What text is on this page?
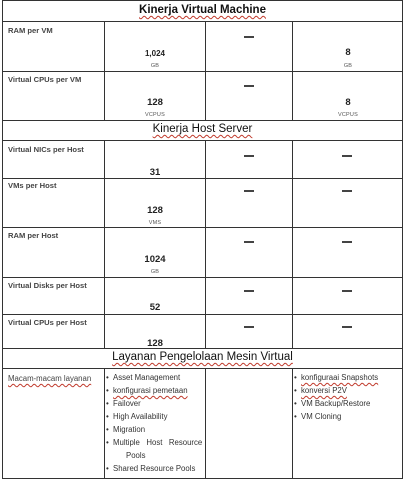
Kinerja Virtual Machine
Kinerja Host Server
Layanan Pengelolaan Mesin Virtual
RAM per VM
1,024
GB
8
GB
Virtual CPUs per VM
128
VCPUS
8
VCPUS
Virtual NICs per Host
31
VMs per Host
128
VMS
RAM per Host
1024
GB
Virtual Disks per Host
52
Virtual CPUs per Host
128
Macam-macam layanan
•	Asset Management
• konfigurasi pemetaan
• Failover
• High Availability
• Migration
• Multiple   Host   Resource
Pools
• Shared Resource Pools
• konfiguraai Snapshots
• konversi P2V
• VM Backup/Restore
• VM Cloning
